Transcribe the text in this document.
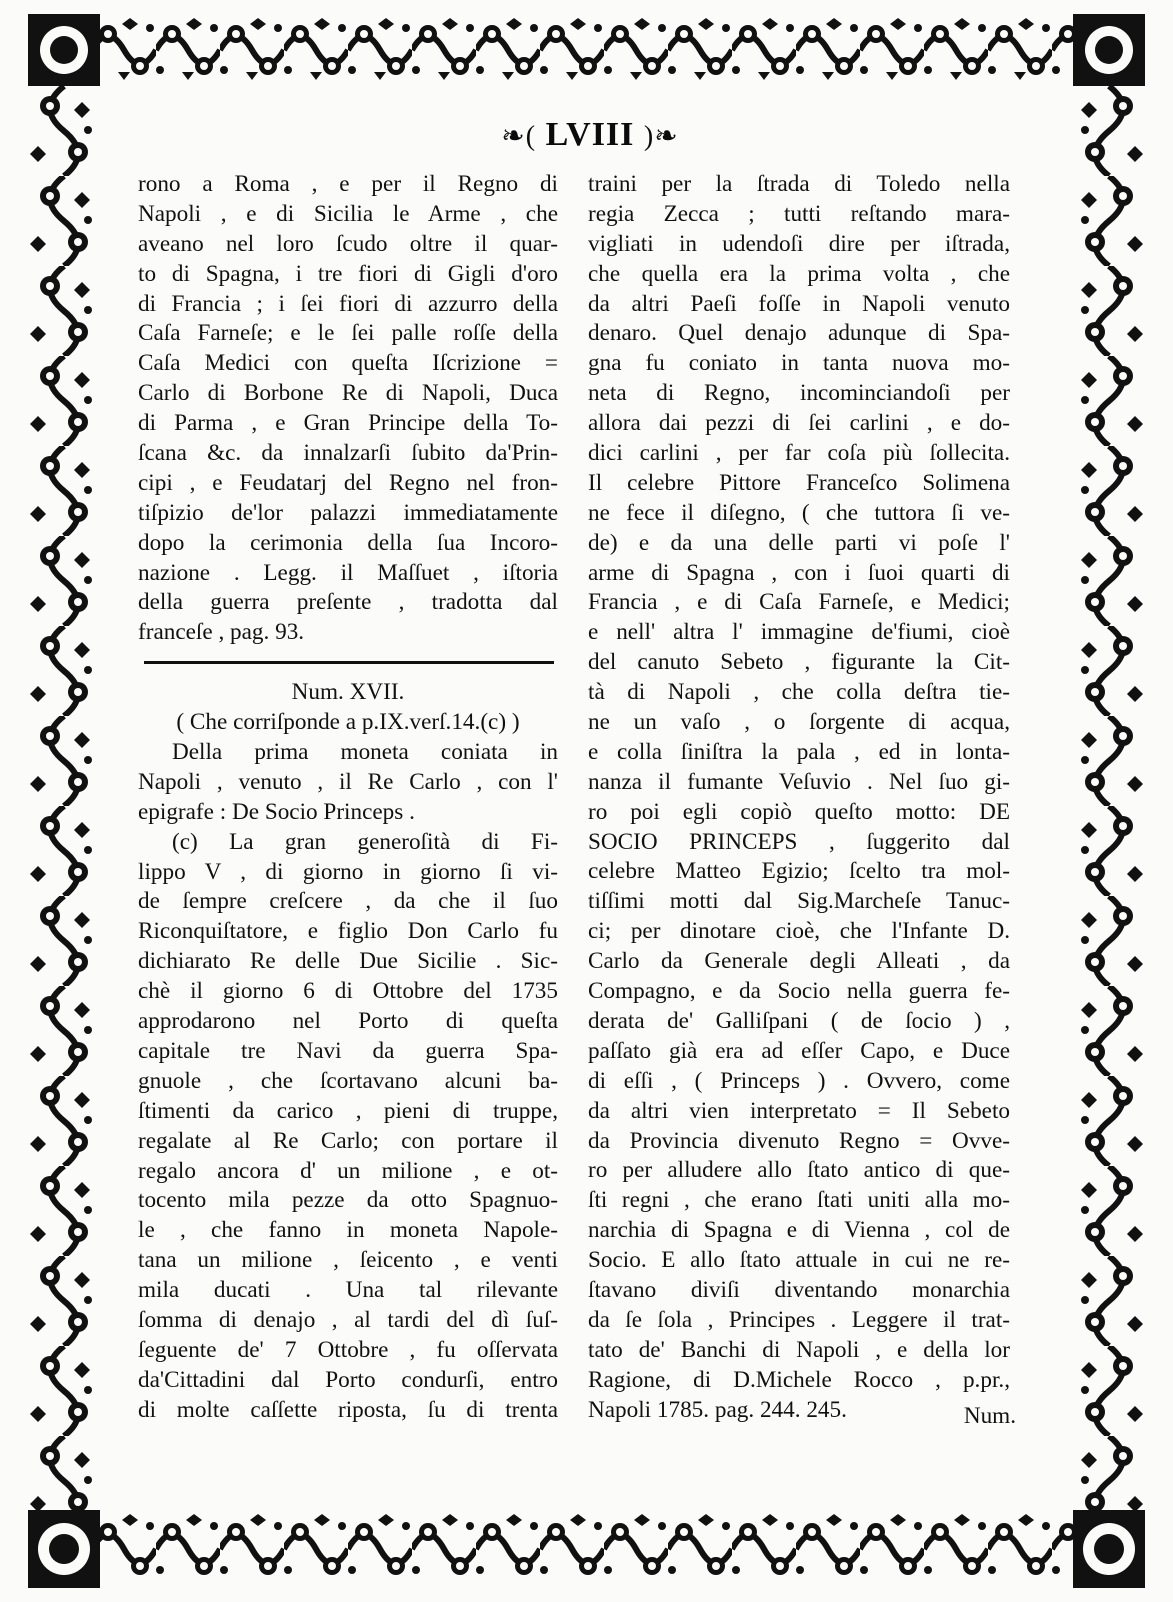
❧( LVIII )❧
rono a Roma , e per il Regno di
Napoli , e di Sicilia le Arme , che
aveano nel loro ſcudo oltre il quar-
to di Spagna, i tre fiori di Gigli d'oro
di Francia ; i ſei fiori di azzurro della
Caſa Farneſe; e le ſei palle roſſe della
Caſa Medici con queſta Iſcrizione =
Carlo di Borbone Re di Napoli, Duca
di Parma , e Gran Principe della To-
ſcana &c. da innalzarſi ſubito da'Prin-
cipi , e Feudatarj del Regno nel fron-
tiſpizio de'lor palazzi immediatamente
dopo la cerimonia della ſua Incoro-
nazione . Legg. il Maſſuet , iſtoria
della guerra preſente , tradotta dal
franceſe , pag. 93.
Num. XVII.
( Che corriſponde a p.IX.verſ.14.(c) )
Della prima moneta coniata in
Napoli , venuto , il Re Carlo , con l'
epigrafe : De Socio Princeps .
(c) La gran generoſità di Fi-
lippo V , di giorno in giorno ſi vi-
de ſempre creſcere , da che il ſuo
Riconquiſtatore, e figlio Don Carlo fu
dichiarato Re delle Due Sicilie . Sic-
chè il giorno 6 di Ottobre del 1735
approdarono nel Porto di queſta
capitale tre Navi da guerra Spa-
gnuole , che ſcortavano alcuni ba-
ſtimenti da carico , pieni di truppe,
regalate al Re Carlo; con portare il
regalo ancora d' un milione , e ot-
tocento mila pezze da otto Spagnuo-
le , che fanno in moneta Napole-
tana un milione , ſeicento , e venti
mila ducati . Una tal rilevante
ſomma di denajo , al tardi del dì ſuſ-
ſeguente de' 7 Ottobre , fu oſſervata
da'Cittadini dal Porto condurſi, entro
di molte caſſette riposta, ſu di trenta
traini per la ſtrada di Toledo nella
regia Zecca ; tutti reſtando mara-
vigliati in udendoſi dire per iſtrada,
che quella era la prima volta , che
da altri Paeſi foſſe in Napoli venuto
denaro. Quel denajo adunque di Spa-
gna fu coniato in tanta nuova mo-
neta di Regno, incominciandoſi per
allora dai pezzi di ſei carlini , e do-
dici carlini , per far coſa più ſollecita.
Il celebre Pittore Franceſco Solimena
ne fece il diſegno, ( che tuttora ſi ve-
de) e da una delle parti vi poſe l'
arme di Spagna , con i ſuoi quarti di
Francia , e di Caſa Farneſe, e Medici;
e nell' altra l' immagine de'fiumi, cioè
del canuto Sebeto , figurante la Cit-
tà di Napoli , che colla deſtra tie-
ne un vaſo , o ſorgente di acqua,
e colla ſiniſtra la pala , ed in lonta-
nanza il fumante Veſuvio . Nel ſuo gi-
ro poi egli copiò queſto motto: DE
SOCIO PRINCEPS , ſuggerito dal
celebre Matteo Egizio; ſcelto tra mol-
tiſſimi motti dal Sig.Marcheſe Tanuc-
ci; per dinotare cioè, che l'Infante D.
Carlo da Generale degli Alleati , da
Compagno, e da Socio nella guerra fe-
derata de' Galliſpani ( de ſocio ) ,
paſſato già era ad eſſer Capo, e Duce
di eſſi , ( Princeps ) . Ovvero, come
da altri vien interpretato = Il Sebeto
da Provincia divenuto Regno = Ovve-
ro per alludere allo ſtato antico di que-
ſti regni , che erano ſtati uniti alla mo-
narchia di Spagna e di Vienna , col de
Socio. E allo ſtato attuale in cui ne re-
ſtavano diviſi diventando monarchia
da ſe ſola , Principes . Leggere il trat-
tato de' Banchi di Napoli , e della lor
Ragione, di D.Michele Rocco , p.pr.,
Napoli 1785. pag. 244. 245.	Num.
